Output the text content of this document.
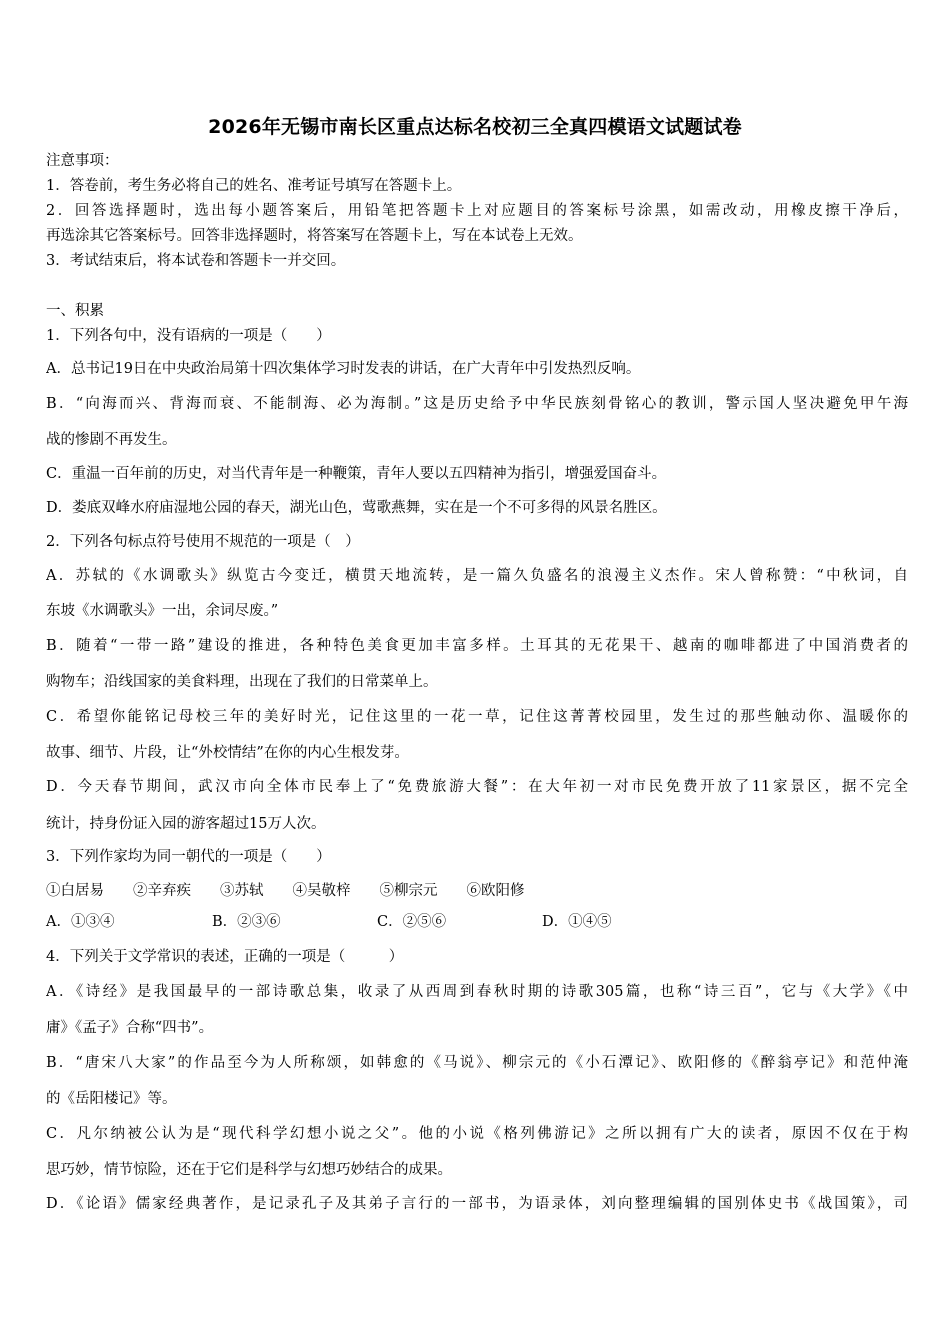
2026年无锡市南长区重点达标名校初三全真四模语文试题试卷
注意事项：
1．答卷前，考生务必将自己的姓名、准考证号填写在答题卡上。
2．回答选择题时，选出每小题答案后，用铅笔把答题卡上对应题目的答案标号涂黑，如需改动，用橡皮擦干净后，
再选涂其它答案标号。回答非选择题时，将答案写在答题卡上，写在本试卷上无效。
3．考试结束后，将本试卷和答题卡一并交回。
一、积累
1．下列各句中，没有语病的一项是（　　）
A．总书记19日在中央政治局第十四次集体学习时发表的讲话，在广大青年中引发热烈反响。
B．“向海而兴、背海而衰、不能制海、必为海制。”这是历史给予中华民族刻骨铭心的教训，警示国人坚决避免甲午海
战的惨剧不再发生。
C．重温一百年前的历史，对当代青年是一种鞭策，青年人要以五四精神为指引，增强爱国奋斗。
D．娄底双峰水府庙湿地公园的春天，湖光山色，莺歌燕舞，实在是一个不可多得的风景名胜区。
2．下列各句标点符号使用不规范的一项是（　）
A．苏轼的《水调歌头》纵览古今变迁，横贯天地流转，是一篇久负盛名的浪漫主义杰作。宋人曾称赞：“中秋词，自
东坡《水调歌头》一出，余词尽废。”
B．随着“一带一路”建设的推进，各种特色美食更加丰富多样。土耳其的无花果干、越南的咖啡都进了中国消费者的
购物车；沿线国家的美食料理，出现在了我们的日常菜单上。
C．希望你能铭记母校三年的美好时光，记住这里的一花一草，记住这菁菁校园里，发生过的那些触动你、温暖你的
故事、细节、片段，让“外校情结”在你的内心生根发芽。
D．今天春节期间，武汉市向全体市民奉上了“免费旅游大餐”：在大年初一对市民免费开放了11家景区，据不完全
统计，持身份证入园的游客超过15万人次。
3．下列作家均为同一朝代的一项是（　　）
①白居易　　②辛弃疾　　③苏轼　　④吴敬梓　　⑤柳宗元　　⑥欧阳修
A．①③④	B．②③⑥	C．②⑤⑥	D．①④⑤
4．下列关于文学常识的表述，正确的一项是（　　　）
A．《诗经》是我国最早的一部诗歌总集，收录了从西周到春秋时期的诗歌305篇，也称“诗三百”，它与《大学》《中
庸》《孟子》合称“四书”。
B．“唐宋八大家”的作品至今为人所称颂，如韩愈的《马说》、柳宗元的《小石潭记》、欧阳修的《醉翁亭记》和范仲淹
的《岳阳楼记》等。
C．凡尔纳被公认为是“现代科学幻想小说之父”。他的小说《格列佛游记》之所以拥有广大的读者，原因不仅在于构
思巧妙，情节惊险，还在于它们是科学与幻想巧妙结合的成果。
D．《论语》儒家经典著作，是记录孔子及其弟子言行的一部书，为语录体，刘向整理编辑的国别体史书《战国策》，司
